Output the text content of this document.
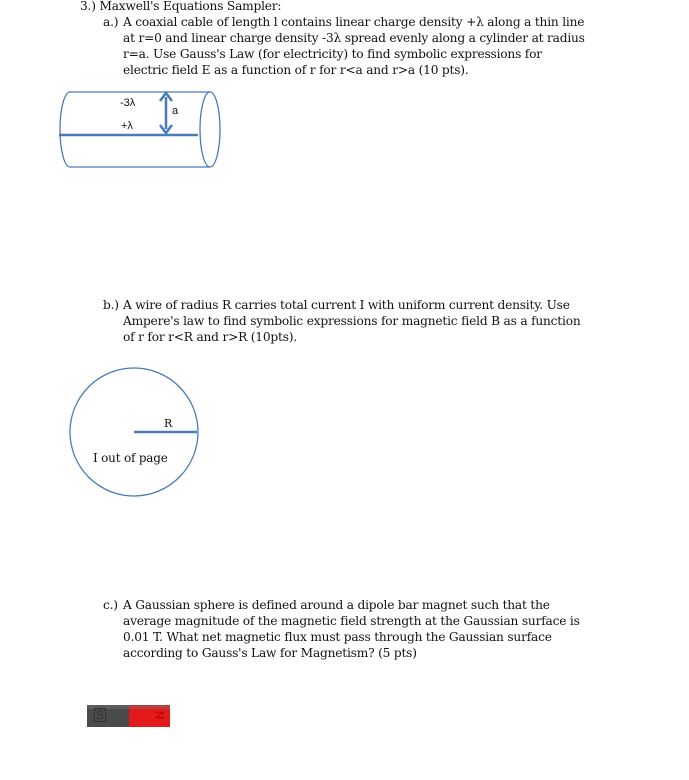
3.) Maxwell's Equations Sampler:
a.) A coaxial cable of length l contains linear charge density +λ along a thin line
at r=0 and linear charge density -3λ spread evenly along a cylinder at radius
r=a. Use Gauss's Law (for electricity) to find symbolic expressions for
electric field E as a function of r for r<a and r>a (10 pts).
-3λ
+λ
a
b.) A wire of radius R carries total current I with uniform current density. Use
Ampere's law to find symbolic expressions for magnetic field B as a function
of r for r<R and r>R (10pts).
R
I out of page
c.) A Gaussian sphere is defined around a dipole bar magnet such that the
average magnitude of the magnetic field strength at the Gaussian surface is
0.01 T. What net magnetic flux must pass through the Gaussian surface
according to Gauss's Law for Magnetism? (5 pts)
S	N
